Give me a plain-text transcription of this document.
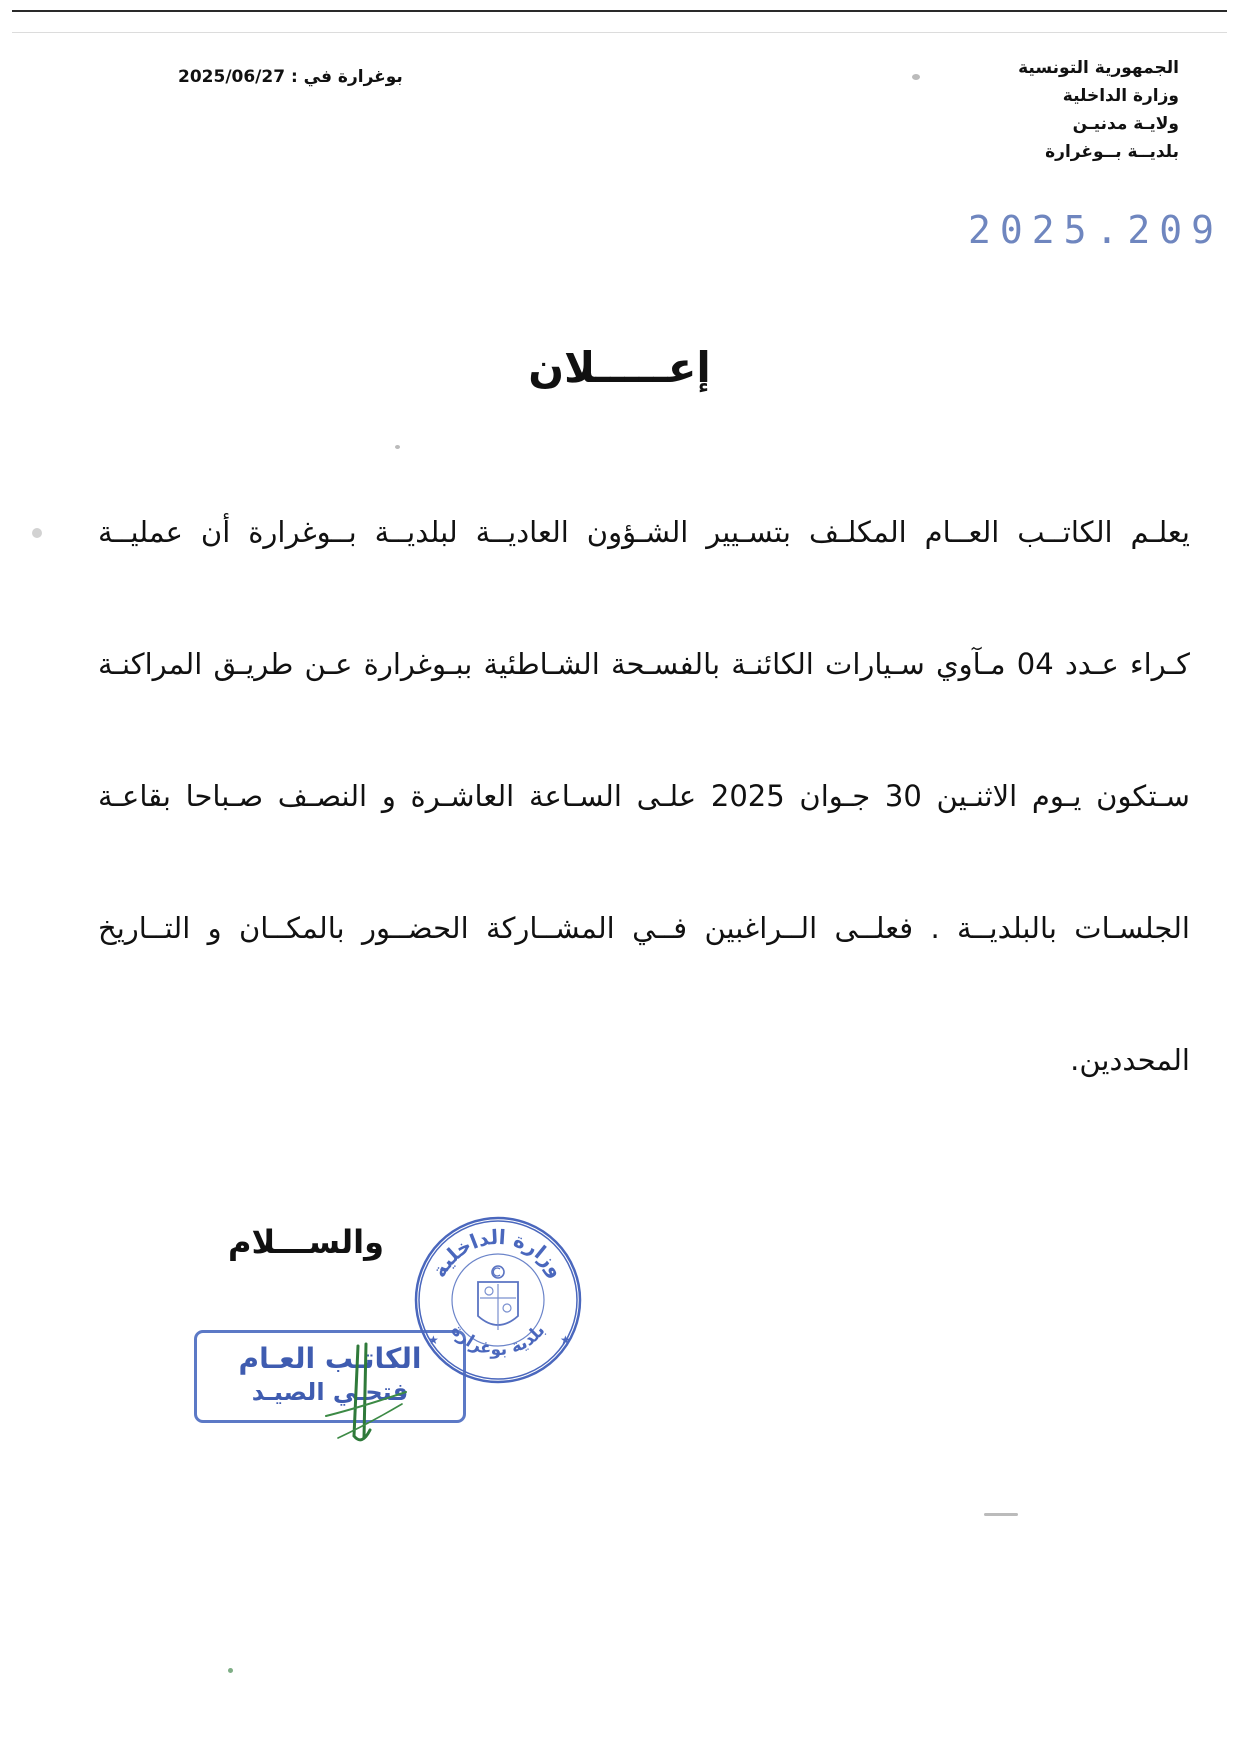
الجمهورية التونسية
وزارة الداخلية
ولايـة مدنيـن
بلديــة بــوغرارة
بوغرارة في : 2025/06/27
2025.209
إعـــــلان
يعلـم الكاتــب العــام المكلـف بتسـيير الشـؤون العاديــة لبلديــة بــوغرارة أن عمليــة
كـراء عـدد 04 مـآوي سـيارات الكائنـة بالفسـحة الشـاطئية ببـوغرارة عـن طريـق المراكنـة
سـتكون يـوم الاثنـين 30 جـوان 2025 علـى السـاعة العاشـرة و النصـف صـباحا بقاعـة
الجلسـات بالبلديــة . فعلــى الــراغبين فــي المشــاركة الحضــور بالمكــان و التــاريخ
المحددين.
والســـلام
الكاتـب العـام
فتحـي الصيـد
وزارة الداخلية
بلدية بوغرارة
★
★
